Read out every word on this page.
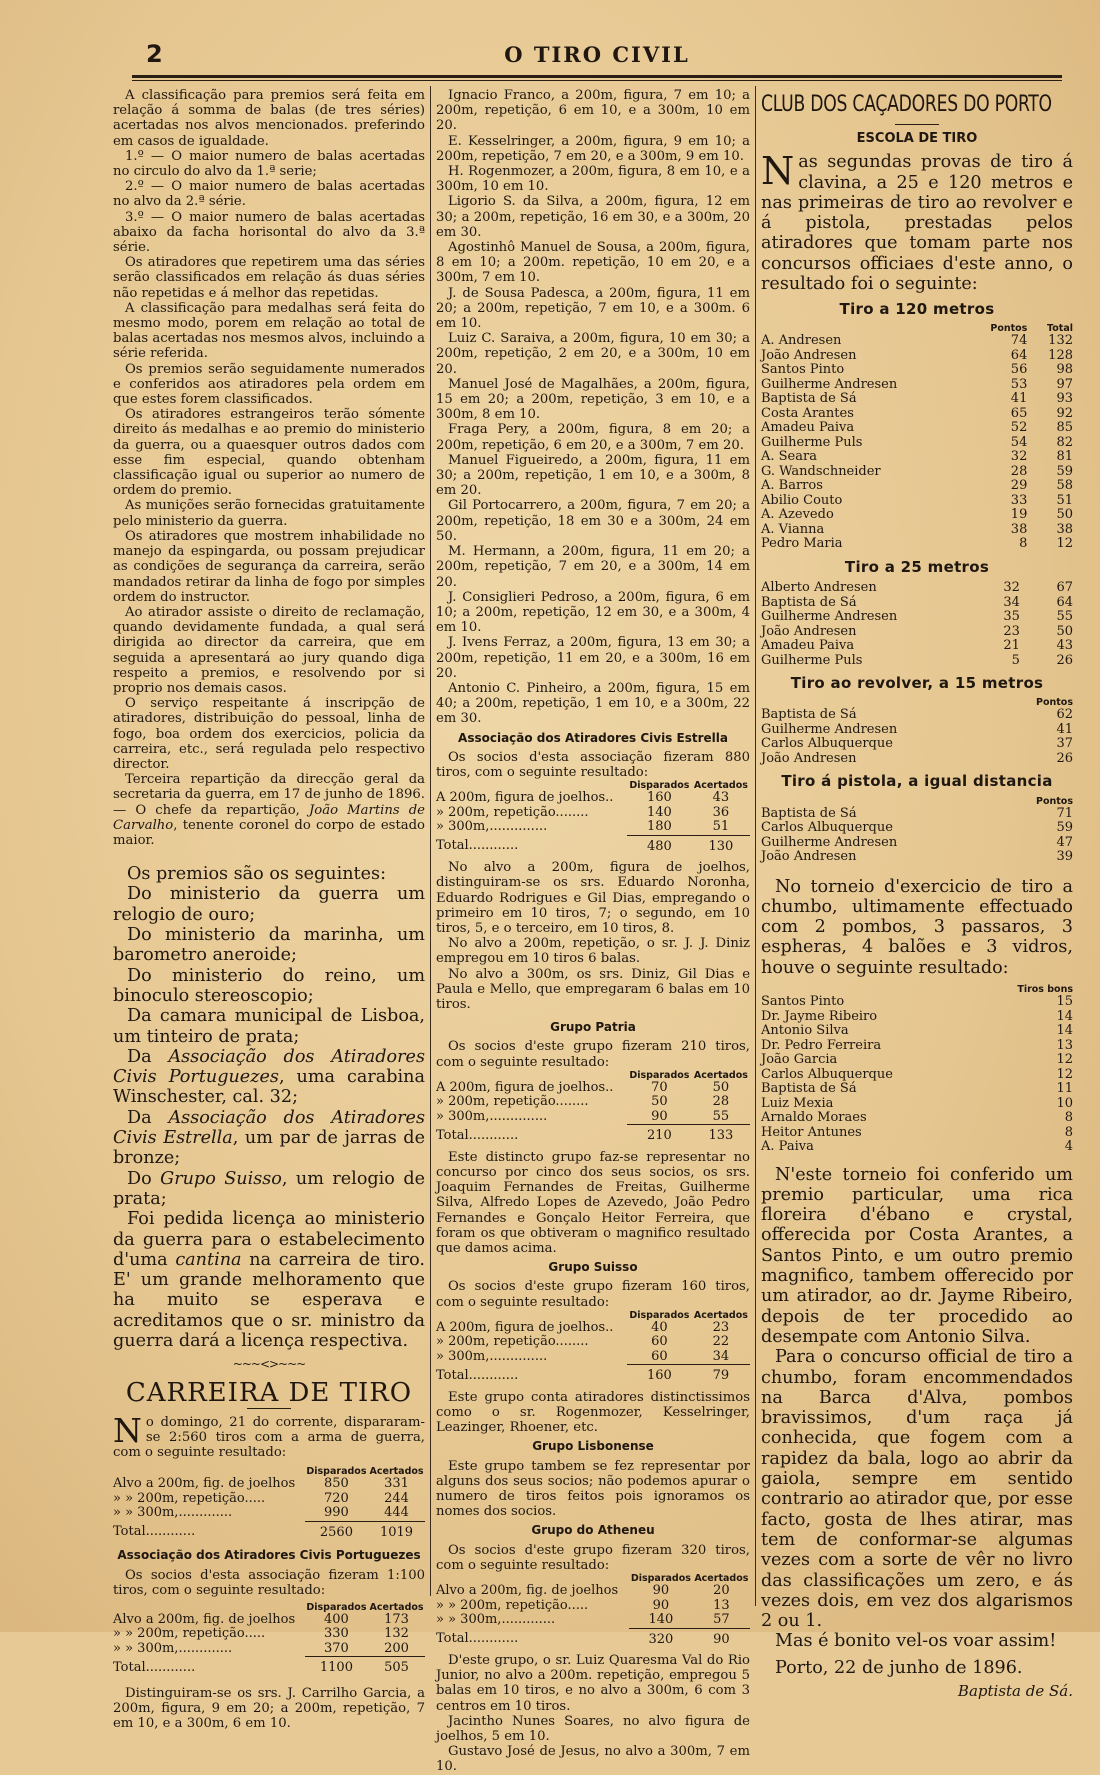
2	O TIRO CIVIL

A classificação para premios será feita em relação á somma de balas (de tres séries) acertadas nos alvos mencionados. preferindo em casos de igualdade.

1.º — O maior numero de balas acertadas no circulo do alvo da 1.ª serie;

2.º — O maior numero de balas acertadas no alvo da 2.ª série.

3.º — O maior numero de balas acertadas abaixo da facha horisontal do alvo da 3.ª série.

Os atiradores que repetirem uma das séries serão classificados em relação ás duas séries não repetidas e á melhor das repetidas.

A classificação para medalhas será feita do mesmo modo, porem em relação ao total de balas acertadas nos mesmos alvos, incluindo a série referida.

Os premios serão seguidamente numerados e conferidos aos atiradores pela ordem em que estes forem classificados.

Os atiradores estrangeiros terão sómente direito ás medalhas e ao premio do ministerio da guerra, ou a quaesquer outros dados com esse fim especial, quando obtenham classificação igual ou superior ao numero de ordem do premio.

As munições serão fornecidas gratuitamente pelo ministerio da guerra.

Os atiradores que mostrem inhabilidade no manejo da espingarda, ou possam prejudicar as condições de segurança da carreira, serão mandados retirar da linha de fogo por simples ordem do instructor.

Ao atirador assiste o direito de reclamação, quando devidamente fundada, a qual será dirigida ao director da carreira, que em seguida a apresentará ao jury quando diga respeito a premios, e resolvendo por si proprio nos demais casos.

O serviço respeitante á inscripção de atiradores, distribuição do pessoal, linha de fogo, boa ordem dos exercicios, policia da carreira, etc., será regulada pelo respectivo director.

Terceira repartição da direcção geral da secretaria da guerra, em 17 de junho de 1896. — O chefe da repartição, João Martins de Carvalho, tenente coronel do corpo de estado maior.

Os premios são os seguintes:

Do ministerio da guerra um relogio de ouro;

Do ministerio da marinha, um barometro aneroide;

Do ministerio do reino, um binoculo stereoscopio;

Da camara municipal de Lisboa, um tinteiro de prata;

Da Associação dos Atiradores Civis Portuguezes, uma carabina Winschester, cal. 32;

Da Associação dos Atiradores Civis Estrella, um par de jarras de bronze;

Do Grupo Suisso, um relogio de prata;

Foi pedida licença ao ministerio da guerra para o estabelecimento d'uma cantina na carreira de tiro. E' um grande melhoramento que ha muito se esperava e acreditamos que o sr. ministro da guerra dará a licença respectiva.

~~~<>~~~
CARREIRA DE TIRO

No domingo, 21 do corrente, dispararam-se 2:560 tiros com a arma de guerra, com o seguinte resultado:

	Disparados	Acertados
Alvo a 200m, fig. de joelhos	850	331
» » 200m, repetição.....	720	244
» » 300m,.............	990	444
Total............	2560	1019
Associação dos Atiradores Civis Portuguezes

Os socios d'esta associação fizeram 1:100 tiros, com o seguinte resultado:

	Disparados	Acertados
Alvo a 200m, fig. de joelhos	400	173
» » 200m, repetição.....	330	132
» » 300m,.............	370	200
Total............	1100	505

Distinguiram-se os srs. J. Carrilho Garcia, a 200m, figura, 9 em 20; a 200m, repetição, 7 em 10, e a 300m, 6 em 10.

Ignacio Franco, a 200m, figura, 7 em 10; a 200m, repetição, 6 em 10, e a 300m, 10 em 20.

E. Kesselringer, a 200m, figura, 9 em 10; a 200m, repetição, 7 em 20, e a 300m, 9 em 10.

H. Rogenmozer, a 200m, figura, 8 em 10, e a 300m, 10 em 10.

Ligorio S. da Silva, a 200m, figura, 12 em 30; a 200m, repetição, 16 em 30, e a 300m, 20 em 30.

Agostinhô Manuel de Sousa, a 200m, figura, 8 em 10; a 200m. repetição, 10 em 20, e a 300m, 7 em 10.

J. de Sousa Padesca, a 200m, figura, 11 em 20; a 200m, repetição, 7 em 10, e a 300m. 6 em 10.

Luiz C. Saraiva, a 200m, figura, 10 em 30; a 200m, repetição, 2 em 20, e a 300m, 10 em 20.

Manuel José de Magalhães, a 200m, figura, 15 em 20; a 200m, repetição, 3 em 10, e a 300m, 8 em 10.

Fraga Pery, a 200m, figura, 8 em 20; a 200m, repetição, 6 em 20, e a 300m, 7 em 20.

Manuel Figueiredo, a 200m, figura, 11 em 30; a 200m, repetição, 1 em 10, e a 300m, 8 em 20.

Gil Portocarrero, a 200m, figura, 7 em 20; a 200m, repetição, 18 em 30 e a 300m, 24 em 50.

M. Hermann, a 200m, figura, 11 em 20; a 200m, repetição, 7 em 20, e a 300m, 14 em 20.

J. Consiglieri Pedroso, a 200m, figura, 6 em 10; a 200m, repetição, 12 em 30, e a 300m, 4 em 10.

J. Ivens Ferraz, a 200m, figura, 13 em 30; a 200m, repetição, 11 em 20, e a 300m, 16 em 20.

Antonio C. Pinheiro, a 200m, figura, 15 em 40; a 200m, repetição, 1 em 10, e a 300m, 22 em 30.

Associação dos Atiradores Civis Estrella

Os socios d'esta associação fizeram 880 tiros, com o seguinte resultado:

	Disparados	Acertados
A 200m, figura de joelhos..	160	43
» 200m, repetição........	140	36
» 300m,..............	180	51
Total............	480	130

No alvo a 200m, figura de joelhos, distinguiram-se os srs. Eduardo Noronha, Eduardo Rodrigues e Gil Dias, empregando o primeiro em 10 tiros, 7; o segundo, em 10 tiros, 5, e o terceiro, em 10 tiros, 8.

No alvo a 200m, repetição, o sr. J. J. Diniz empregou em 10 tiros 6 balas.

No alvo a 300m, os srs. Diniz, Gil Dias e Paula e Mello, que empregaram 6 balas em 10 tiros.

Grupo Patria

Os socios d'este grupo fizeram 210 tiros, com o seguinte resultado:

	Disparados	Acertados
A 200m, figura de joelhos..	70	50
» 200m, repetição........	50	28
» 300m,..............	90	55
Total............	210	133

Este distincto grupo faz-se representar no concurso por cinco dos seus socios, os srs. Joaquim Fernandes de Freitas, Guilherme Silva, Alfredo Lopes de Azevedo, João Pedro Fernandes e Gonçalo Heitor Ferreira, que foram os que obtiveram o magnifico resultado que damos acima.

Grupo Suisso

Os socios d'este grupo fizeram 160 tiros, com o seguinte resultado:

	Disparados	Acertados
A 200m, figura de joelhos..	40	23
» 200m, repetição........	60	22
» 300m,..............	60	34
Total............	160	79

Este grupo conta atiradores distinctissimos como o sr. Rogenmozer, Kesselringer, Leazinger, Rhoener, etc.

Grupo Lisbonense

Este grupo tambem se fez representar por alguns dos seus socios; não podemos apurar o numero de tiros feitos pois ignoramos os nomes dos socios.

Grupo do Atheneu

Os socios d'este grupo fizeram 320 tiros, com o seguinte resultado:

	Disparados	Acertados
Alvo a 200m, fig. de joelhos	90	20
» » 200m, repetição.....	90	13
» » 300m,.............	140	57
Total............	320	90

D'este grupo, o sr. Luiz Quaresma Val do Rio Junior, no alvo a 200m. repetição, empregou 5 balas em 10 tiros, e no alvo a 300m, 6 com 3 centros em 10 tiros.

Jacintho Nunes Soares, no alvo figura de joelhos, 5 em 10.

Gustavo José de Jesus, no alvo a 300m, 7 em 10.

CLUB DOS CAÇADORES DO PORTO
ESCOLA DE TIRO

Nas segundas provas de tiro á clavina, a 25 e 120 metros e nas primeiras de tiro ao revolver e á pistola, prestadas pelos atiradores que tomam parte nos concursos officiaes d'este anno, o resultado foi o seguinte:

Tiro a 120 metros
	Pontos	Total
A. Andresen	74	132
João Andresen	64	128
Santos Pinto	56	98
Guilherme Andresen	53	97
Baptista de Sá	41	93
Costa Arantes	65	92
Amadeu Paiva	52	85
Guilherme Puls	54	82
A. Seara	32	81
G. Wandschneider	28	59
A. Barros	29	58
Abilio Couto	33	51
A. Azevedo	19	50
A. Vianna	38	38
Pedro Maria	8	12
Tiro a 25 metros
Alberto Andresen	32	67
Baptista de Sá	34	64
Guilherme Andresen	35	55
João Andresen	23	50
Amadeu Paiva	21	43
Guilherme Puls	5	26
Tiro ao revolver, a 15 metros
	Pontos
Baptista de Sá	62
Guilherme Andresen	41
Carlos Albuquerque	37
João Andresen	26
Tiro á pistola, a igual distancia
	Pontos
Baptista de Sá	71
Carlos Albuquerque	59
Guilherme Andresen	47
João Andresen	39

No torneio d'exercicio de tiro a chumbo, ultimamente effectuado com 2 pombos, 3 passaros, 3 espheras, 4 balões e 3 vidros, houve o seguinte resultado:

	Tiros bons
Santos Pinto	15
Dr. Jayme Ribeiro	14
Antonio Silva	14
Dr. Pedro Ferreira	13
João Garcia	12
Carlos Albuquerque	12
Baptista de Sá	11
Luiz Mexia	10
Arnaldo Moraes	8
Heitor Antunes	8
A. Paiva	4

N'este torneio foi conferido um premio particular, uma rica floreira d'ébano e crystal, offerecida por Costa Arantes, a Santos Pinto, e um outro premio magnifico, tambem offerecido por um atirador, ao dr. Jayme Ribeiro, depois de ter procedido ao desempate com Antonio Silva.

Para o concurso official de tiro a chumbo, foram encommendados na Barca d'Alva, pombos bravissimos, d'um raça já conhecida, que fogem com a rapidez da bala, logo ao abrir da gaiola, sempre em sentido contrario ao atirador que, por esse facto, gosta de lhes atirar, mas tem de conformar-se algumas vezes com a sorte de vêr no livro das classificações um zero, e ás vezes dois, em vez dos algarismos 2 ou 1.

Mas é bonito vel-os voar assim!

Porto, 22 de junho de 1896.

Baptista de Sá.
